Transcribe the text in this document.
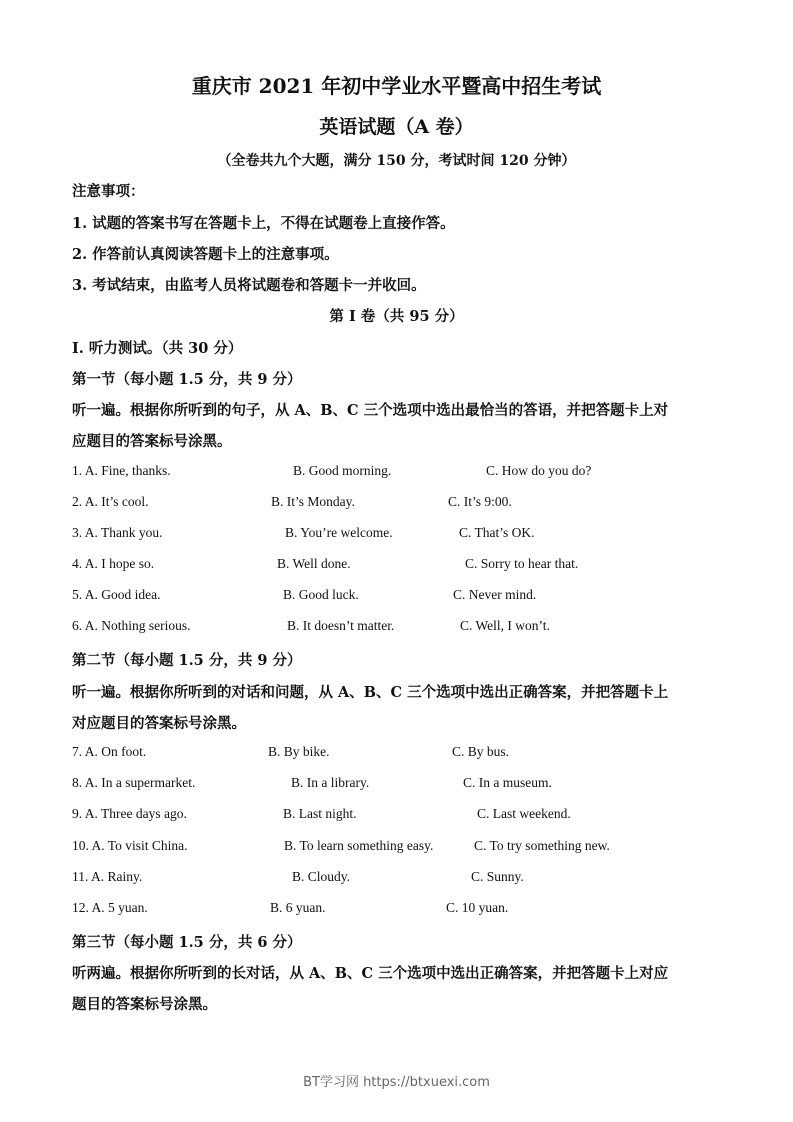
重庆市 2021 年初中学业水平暨高中招生考试
英语试题（A 卷）
（全卷共九个大题，满分 150 分，考试时间 120 分钟）
注意事项：
1. 试题的答案书写在答题卡上，不得在试题卷上直接作答。
2. 作答前认真阅读答题卡上的注意事项。
3. 考试结束，由监考人员将试题卷和答题卡一并收回。
第 I 卷（共 95 分）
I. 听力测试。（共 30 分）
第一节（每小题 1.5 分，共 9 分）
听一遍。根据你所听到的句子，从 A、B、C 三个选项中选出最恰当的答语，并把答题卡上对
应题目的答案标号涂黑。
1. A. Fine, thanks.	B. Good morning.	C. How do you do?
2. A. It’s cool.	B. It’s Monday.	C. It’s 9:00.
3. A. Thank you.	B. You’re welcome.	C. That’s OK.
4. A. I hope so.	B. Well done.	C. Sorry to hear that.
5. A. Good idea.	B. Good luck.	C. Never mind.
6. A. Nothing serious.	B. It doesn’t matter.	C. Well, I won’t.
第二节（每小题 1.5 分，共 9 分）
听一遍。根据你所听到的对话和问题，从 A、B、C 三个选项中选出正确答案，并把答题卡上
对应题目的答案标号涂黑。
7. A. On foot.	B. By bike.	C. By bus.
8. A. In a supermarket.	B. In a library.	C. In a museum.
9. A. Three days ago.	B. Last night.	C. Last weekend.
10. A. To visit China.	B. To learn something easy.	C. To try something new.
11. A. Rainy.	B. Cloudy.	C. Sunny.
12. A. 5 yuan.	B. 6 yuan.	C. 10 yuan.
第三节（每小题 1.5 分，共 6 分）
听两遍。根据你所听到的长对话，从 A、B、C 三个选项中选出正确答案，并把答题卡上对应
题目的答案标号涂黑。
BT学习网 https://btxuexi.com
